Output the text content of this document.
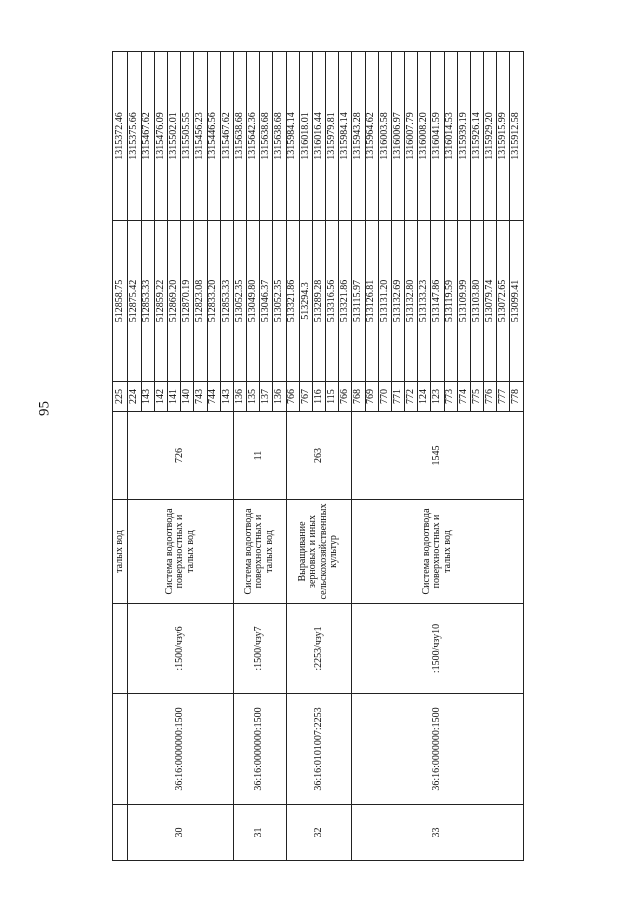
95
			талых вод		225	512858.75	1315372.46
30	36:16:0000000:1500	:1500/чзу6	Система водоотвода поверхностных и талых вод	726	224	512875.42	1315375.66
					143	512853.33	1315467.62
					142	512859.22	1315476.09
					141	512869.20	1315502.01
					140	512870.19	1315505.55
					743	512823.08	1315456.23
					744	512833.20	1315446.56
					143	512853.33	1315467.62
31	36:16:0000000:1500	:1500/чзу7	Система водоотвода поверхностных и талых вод	11	136	513052.35	1315638.68
					135	513049.80	1315642.36
					137	513046.37	1315638.68
					136	513052.35	1315638.68
32	36:16:0101007:2253	:2253/чзу1	Выращивание зерновых и иных сельскохозяйственных культур	263	766	513321.86	1315984.14
					767	513294.3	1316018.01
					116	513289.28	1316016.44
					115	513316.56	1315979.81
					766	513321.86	1315984.14
33	36:16:0000000:1500	:1500/чзу10	Система водоотвода поверхностных и талых вод	1545	768	513115.97	1315943.28
					769	513126.81	1315964.62
					770	513131.20	1316003.58
					771	513132.69	1316006.97
					772	513132.80	1316007.79
					124	513133.23	1316008.20
					123	513147.86	1316041.59
					773	513119.59	1316014.53
					774	513109.99	1315939.19
					775	513103.80	1315926.14
					776	513079.74	1315929.20
					777	513072.65	1315915.99
					778	513099.41	1315912.58
